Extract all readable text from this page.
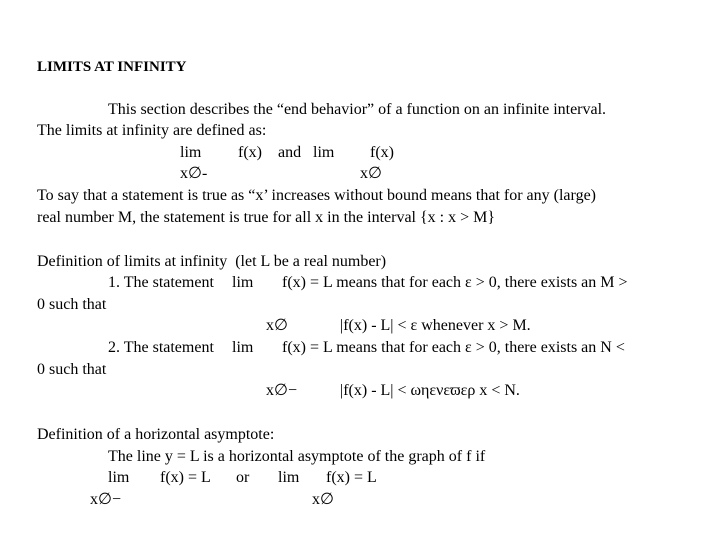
LIMITS AT INFINITY
This section describes the “end behavior” of a function on an infinite interval.
The limits at infinity are defined as:
lim f(x) and lim f(x)
x∅-	x∅
To say that a statement is true as “x’ increases without bound means that for any (large)
real number M, the statement is true for all x in the interval {x : x > M}
Definition of limits at infinity  (let L be a real number)
1. The statement lim f(x) = L means that for each ε > 0, there exists an M >
0 such that
x∅	|f(x) - L| < ε whenever x > M.
2. The statement lim f(x) = L means that for each ε > 0, there exists an N <
0 such that
x∅−	|f(x) - L| < ωηενεϖερ x < N.
Definition of a horizontal asymptote:
The line y = L is a horizontal asymptote of the graph of f if
lim f(x) = L or lim f(x) = L
x∅−	x∅
